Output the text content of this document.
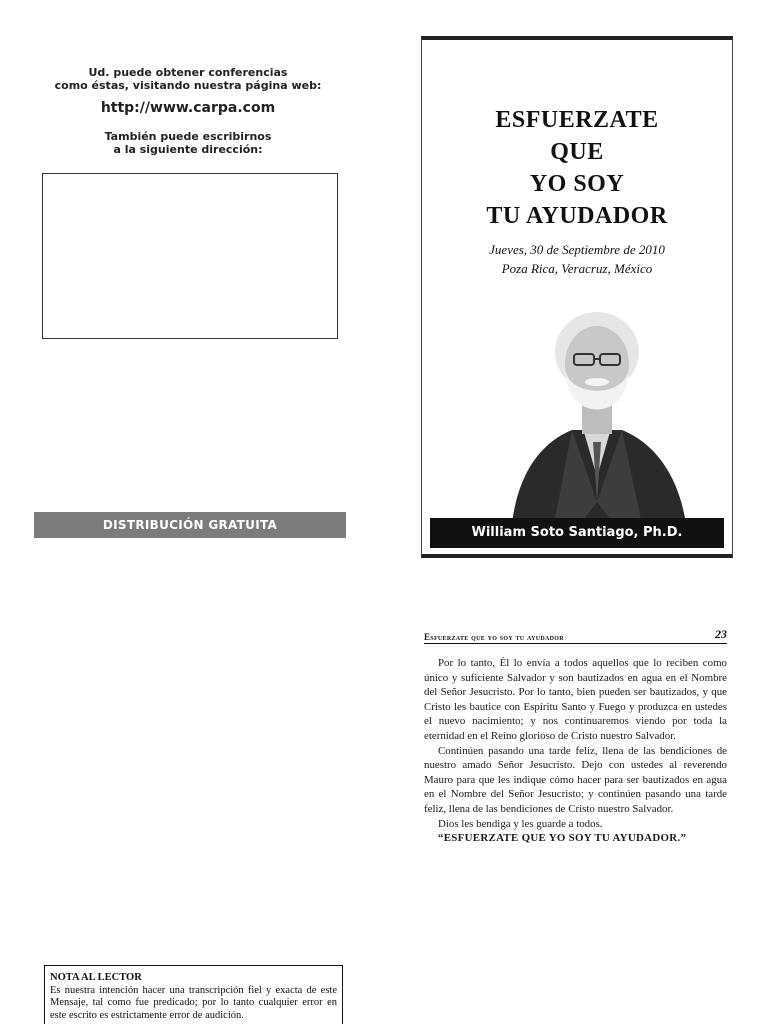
Ud. puede obtener conferencias
como éstas, visitando nuestra página web:
http://www.carpa.com
También puede escribirnos
a la siguiente dirección:
DISTRIBUCIÓN GRATUITA
ESFUERZATE
QUE
YO SOY
TU AYUDADOR
Jueves, 30 de Septiembre de 2010
Poza Rica, Veracruz, México
William Soto Santiago, Ph.D.
Esfuerzate que yo soy tu ayudador	23

Por lo tanto, Él lo envía a todos aquellos que lo reciben como único y suficiente Salvador y son bautizados en agua en el Nombre del Señor Jesucristo. Por lo tanto, bien pueden ser bautizados, y que Cristo les bautice con Espíritu Santo y Fuego y produzca en ustedes el nuevo nacimiento; y nos continuaremos viendo por toda la eternidad en el Reino glorioso de Cristo nuestro Salvador.

Continúen pasando una tarde feliz, llena de las bendiciones de nuestro amado Señor Jesucristo. Dejo con ustedes al reverendo Mauro para que les indique cómo hacer para ser bautizados en agua en el Nombre del Señor Jesucristo; y continúen pasando una tarde feliz, llena de las bendiciones de Cristo nuestro Salvador.

Dios les bendiga y les guarde a todos.

“ESFUERZATE QUE YO SOY TU AYUDADOR.”

NOTA AL LECTOR
Es nuestra intención hacer una transcripción fiel y exacta de este Mensaje, tal como fue predicado; por lo tanto cualquier error en este escrito es estrictamente error de audición.
